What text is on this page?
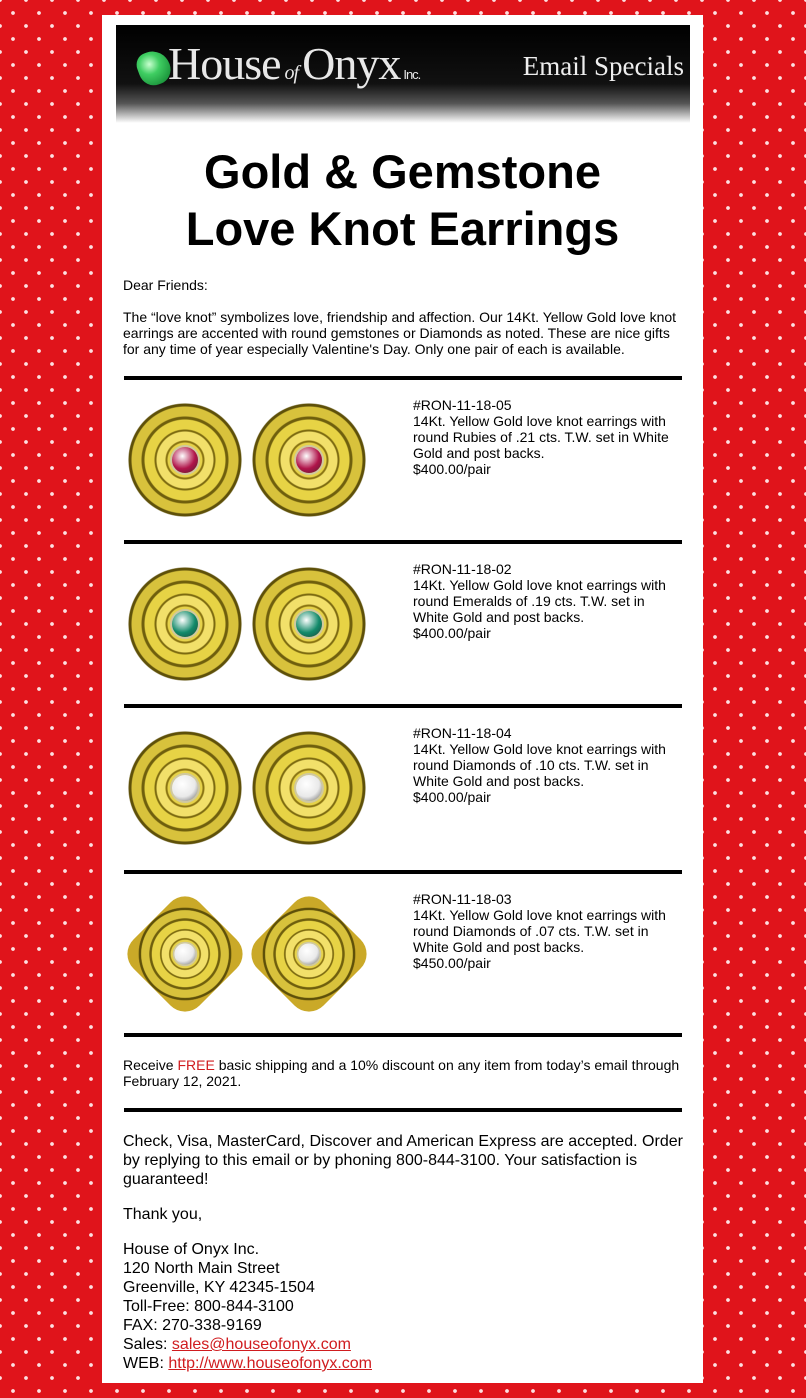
House ofOnyx Inc.	Email Specials
Gold & Gemstone
Love Knot Earrings
Dear Friends:
The “love knot” symbolizes love, friendship and affection. Our 14Kt. Yellow Gold love knot earrings are accented with round gemstones or Diamonds as noted. These are nice gifts for any time of year especially Valentine's Day. Only one pair of each is available.
#RON-11-18-05
14Kt. Yellow Gold love knot earrings with round Rubies of .21 cts. T.W. set in White Gold and post backs.
$400.00/pair
#RON-11-18-02
14Kt. Yellow Gold love knot earrings with round Emeralds of .19 cts. T.W. set in White Gold and post backs.
$400.00/pair
#RON-11-18-04
14Kt. Yellow Gold love knot earrings with round Diamonds of .10 cts. T.W. set in White Gold and post backs.
$400.00/pair
#RON-11-18-03
14Kt. Yellow Gold love knot earrings with round Diamonds of .07 cts. T.W. set in White Gold and post backs.
$450.00/pair
Receive FREE basic shipping and a 10% discount on any item from today’s email through February 12, 2021.
Check, Visa, MasterCard, Discover and American Express are accepted. Order by replying to this email or by phoning 800-844-3100. Your satisfaction is guaranteed!
Thank you,
House of Onyx Inc.
120 North Main Street
Greenville, KY 42345-1504
Toll-Free: 800-844-3100
FAX: 270-338-9169
Sales: sales@houseofonyx.com
WEB: http://www.houseofonyx.com
